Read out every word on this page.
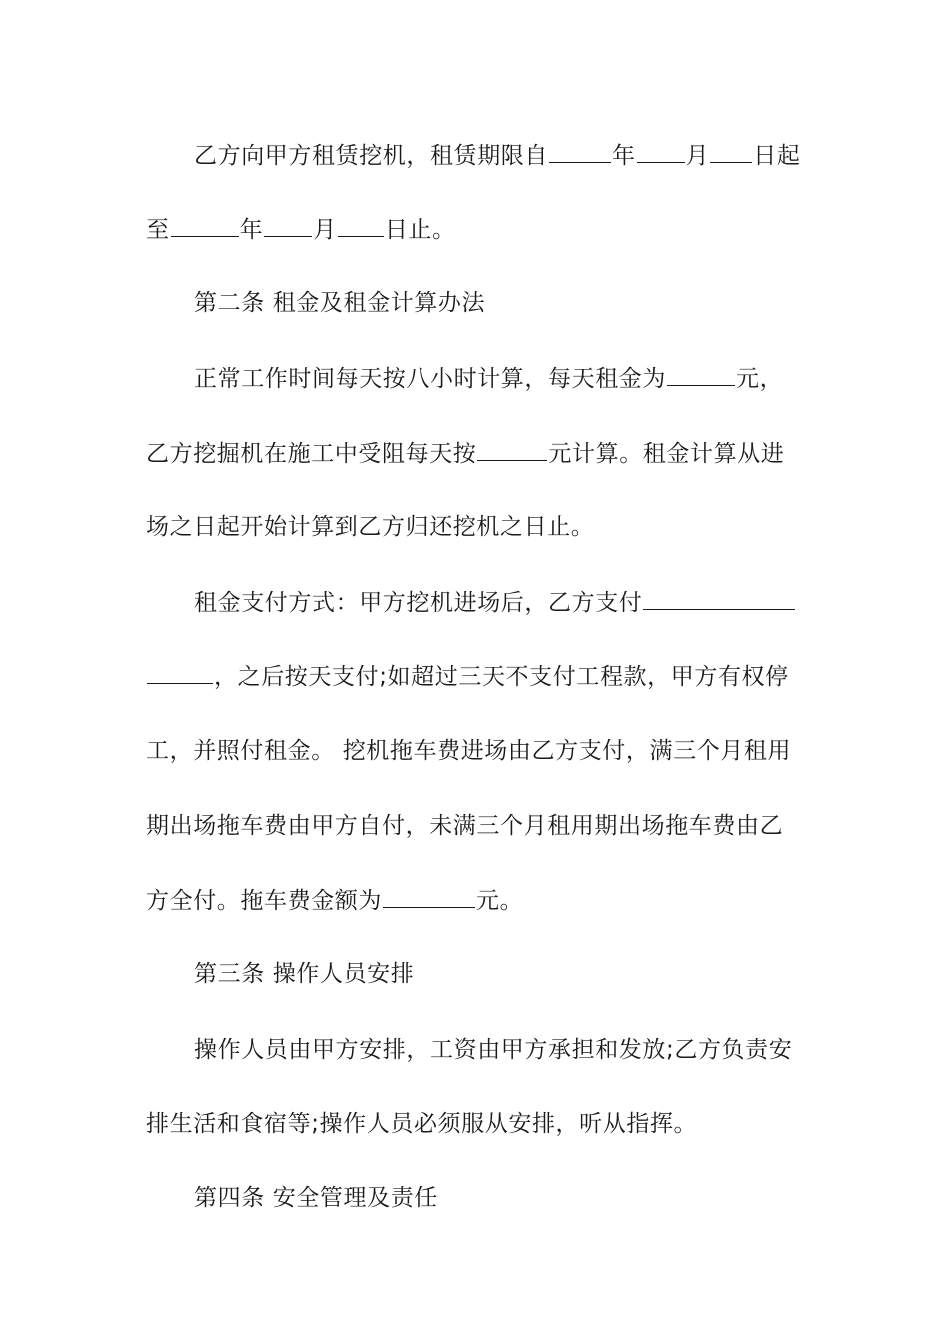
乙方向甲方租赁挖机，租赁期限自	年 月 日起
至	年 月 日止。
第二条 租金及租金计算办法
正常工作时间每天按八小时计算，每天租金为	元，
乙方挖掘机在施工中受阻每天按	元计算。租金计算从进
场之日起开始计算到乙方归还挖机之日止。
租金支付方式：甲方挖机进场后，乙方支付
，之后按天支付;如超过三天不支付工程款，甲方有权停
工，并照付租金。 挖机拖车费进场由乙方支付，满三个月租用
期出场拖车费由甲方自付，未满三个月租用期出场拖车费由乙
方全付。拖车费金额为	元。
第三条 操作人员安排
操作人员由甲方安排，工资由甲方承担和发放;乙方负责安
排生活和食宿等;操作人员必须服从安排，听从指挥。
第四条 安全管理及责任
